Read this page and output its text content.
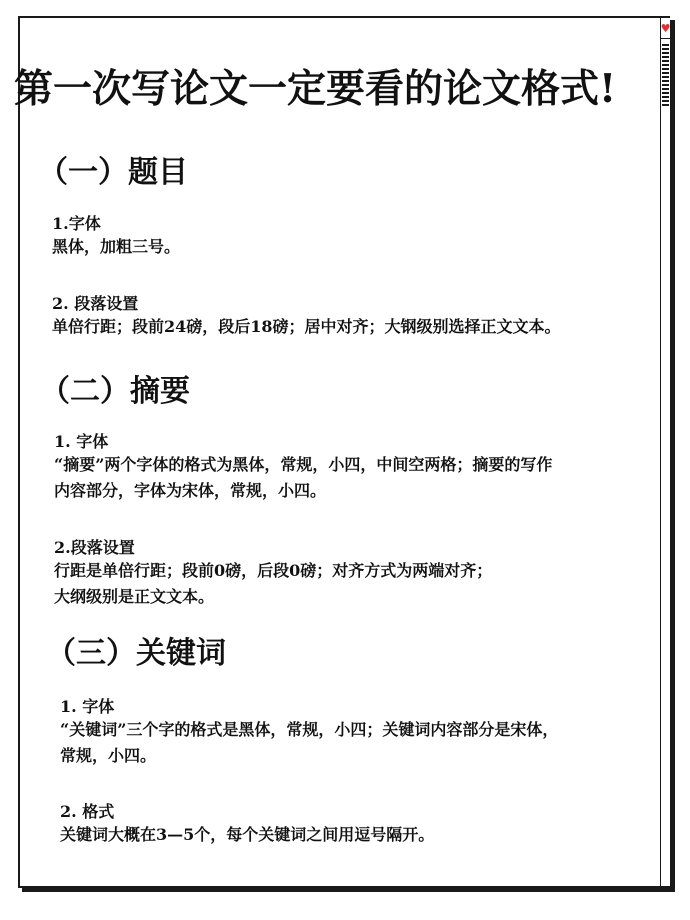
♥
第一次写论文一定要看的论文格式!
（一）题目
1.字体
黑体，加粗三号。
2. 段落设置
单倍行距；段前24磅，段后18磅；居中对齐；大钢级别选择正文文本。
（二）摘要
1. 字体
“摘要”两个字体的格式为黑体，常规，小四，中间空两格；摘要的写作
内容部分，字体为宋体，常规，小四。
2.段落设置
行距是单倍行距；段前0磅，后段0磅；对齐方式为两端对齐；
大纲级别是正文文本。
（三）关键词
1. 字体
“关键词”三个字的格式是黑体，常规，小四；关键词内容部分是宋体，
常规，小四。
2. 格式
关键词大概在3—5个，每个关键词之间用逗号隔开。
